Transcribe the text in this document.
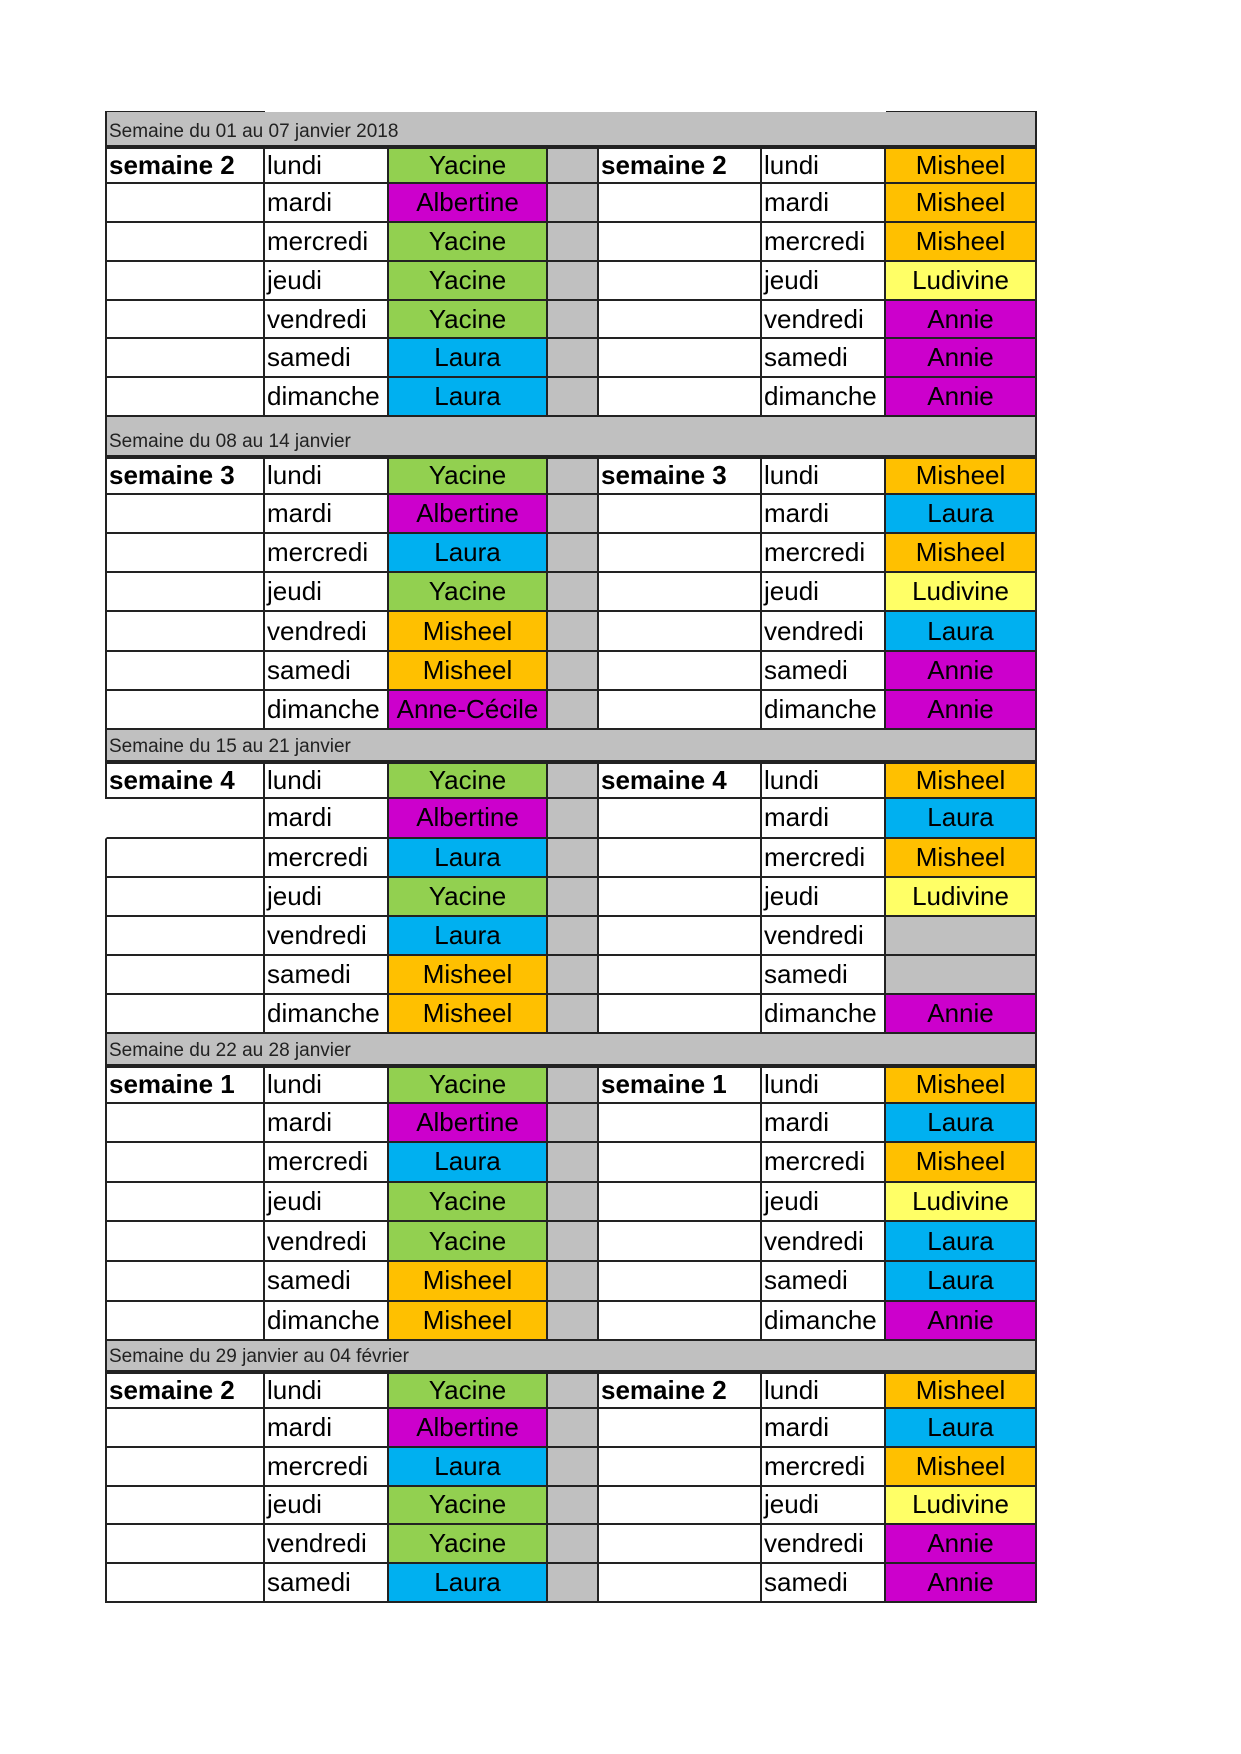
Semaine du 01 au 07 janvier 2018
semaine 2	lundi	Yacine	semaine 2	lundi	Misheel
mardi	Albertine	mardi	Misheel
mercredi	Yacine	mercredi	Misheel
jeudi	Yacine	jeudi	Ludivine
vendredi	Yacine	vendredi	Annie
samedi	Laura	samedi	Annie
dimanche	Laura	dimanche	Annie
Semaine du 08 au 14 janvier
semaine 3	lundi	Yacine	semaine 3	lundi	Misheel
mardi	Albertine	mardi	Laura
mercredi	Laura	mercredi	Misheel
jeudi	Yacine	jeudi	Ludivine
vendredi	Misheel	vendredi	Laura
samedi	Misheel	samedi	Annie
dimanche Anne-Cécile	dimanche	Annie
Semaine du 15 au 21 janvier
semaine 4	lundi	Yacine	semaine 4	lundi	Misheel
mardi	Albertine	mardi	Laura
mercredi	Laura	mercredi	Misheel
jeudi	Yacine	jeudi	Ludivine
vendredi	Laura	vendredi
samedi	Misheel	samedi
dimanche	Misheel	dimanche	Annie
Semaine du 22 au 28 janvier
semaine 1	lundi	Yacine	semaine 1	lundi	Misheel
mardi	Albertine	mardi	Laura
mercredi	Laura	mercredi	Misheel
jeudi	Yacine	jeudi	Ludivine
vendredi	Yacine	vendredi	Laura
samedi	Misheel	samedi	Laura
dimanche	Misheel	dimanche	Annie
Semaine du 29 janvier au 04 février
semaine 2	lundi	Yacine	semaine 2	lundi	Misheel
mardi	Albertine	mardi	Laura
mercredi	Laura	mercredi	Misheel
jeudi	Yacine	jeudi	Ludivine
vendredi	Yacine	vendredi	Annie
samedi	Laura	samedi	Annie
